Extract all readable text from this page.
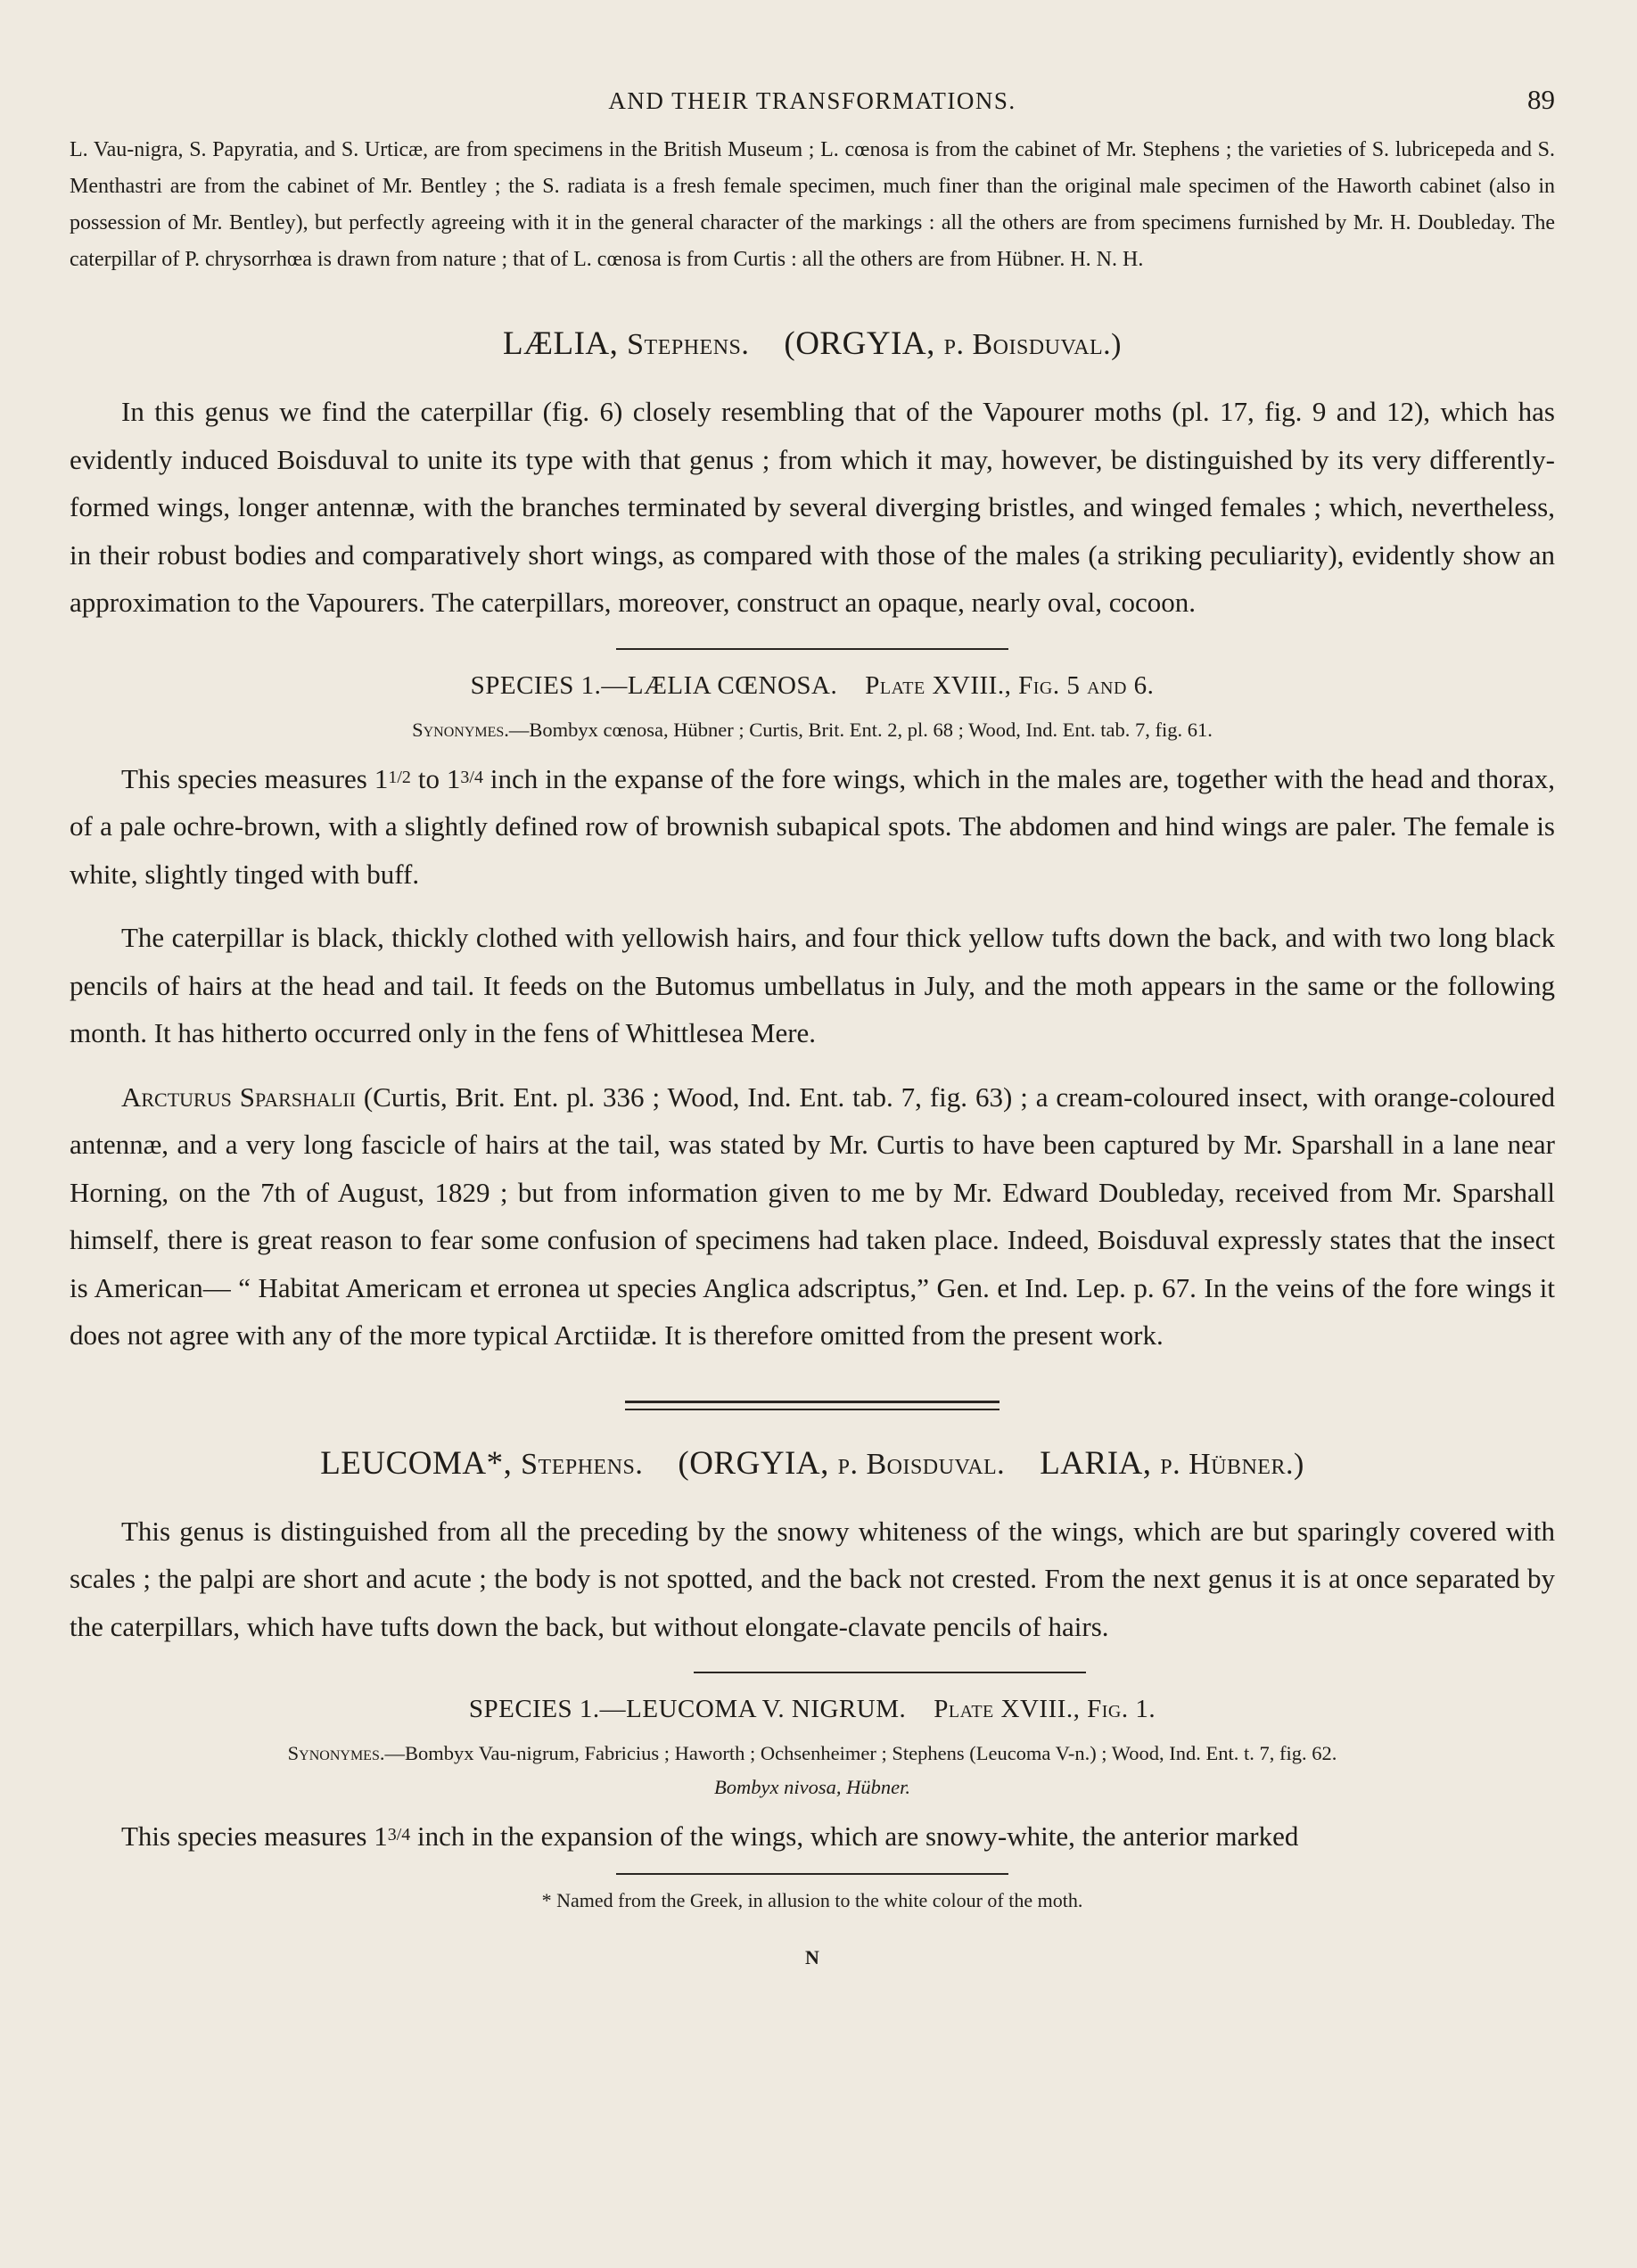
AND THEIR TRANSFORMATIONS.	89

L. Vau-nigra, S. Papyratia, and S. Urticæ, are from specimens in the British Museum ; L. cœnosa is from the cabinet of Mr. Stephens ; the varieties of S. lubricepeda and S. Menthastri are from the cabinet of Mr. Bentley ; the S. radiata is a fresh female specimen, much finer than the original male specimen of the Haworth cabinet (also in possession of Mr. Bentley), but perfectly agreeing with it in the general character of the markings : all the others are from specimens furnished by Mr. H. Doubleday. The caterpillar of P. chrysorrhœa is drawn from nature ; that of L. cœnosa is from Curtis : all the others are from Hübner. H. N. H.

LÆLIA, Stephens. (ORGYIA, p. Boisduval.)

In this genus we find the caterpillar (fig. 6) closely resembling that of the Vapourer moths (pl. 17, fig. 9 and 12), which has evidently induced Boisduval to unite its type with that genus ; from which it may, however, be distinguished by its very differently-formed wings, longer antennæ, with the branches terminated by several diverging bristles, and winged females ; which, nevertheless, in their robust bodies and comparatively short wings, as compared with those of the males (a striking peculiarity), evidently show an approximation to the Vapourers. The caterpillars, moreover, construct an opaque, nearly oval, cocoon.

SPECIES 1.—LÆLIA CŒNOSA. Plate XVIII., Fig. 5 and 6.
Synonymes.—Bombyx cœnosa, Hübner ; Curtis, Brit. Ent. 2, pl. 68 ; Wood, Ind. Ent. tab. 7, fig. 61.

This species measures 11/2 to 13/4 inch in the expanse of the fore wings, which in the males are, together with the head and thorax, of a pale ochre-brown, with a slightly defined row of brownish subapical spots. The abdomen and hind wings are paler. The female is white, slightly tinged with buff.

The caterpillar is black, thickly clothed with yellowish hairs, and four thick yellow tufts down the back, and with two long black pencils of hairs at the head and tail. It feeds on the Butomus umbellatus in July, and the moth appears in the same or the following month. It has hitherto occurred only in the fens of Whittlesea Mere.

Arcturus Sparshalii (Curtis, Brit. Ent. pl. 336 ; Wood, Ind. Ent. tab. 7, fig. 63) ; a cream-coloured insect, with orange-coloured antennæ, and a very long fascicle of hairs at the tail, was stated by Mr. Curtis to have been captured by Mr. Sparshall in a lane near Horning, on the 7th of August, 1829 ; but from information given to me by Mr. Edward Doubleday, received from Mr. Sparshall himself, there is great reason to fear some confusion of specimens had taken place. Indeed, Boisduval expressly states that the insect is American— “ Habitat Americam et erronea ut species Anglica adscriptus,” Gen. et Ind. Lep. p. 67. In the veins of the fore wings it does not agree with any of the more typical Arctiidæ. It is therefore omitted from the present work.

LEUCOMA*, Stephens. (ORGYIA, p. Boisduval. LARIA, p. Hübner.)

This genus is distinguished from all the preceding by the snowy whiteness of the wings, which are but sparingly covered with scales ; the palpi are short and acute ; the body is not spotted, and the back not crested. From the next genus it is at once separated by the caterpillars, which have tufts down the back, but without elongate-clavate pencils of hairs.

SPECIES 1.—LEUCOMA V. NIGRUM. Plate XVIII., Fig. 1.
Synonymes.—Bombyx Vau-nigrum, Fabricius ; Haworth ; Ochsenheimer ; Stephens (Leucoma V-n.) ; Wood, Ind. Ent. t. 7, fig. 62.
Bombyx nivosa, Hübner.

This species measures 13/4 inch in the expansion of the wings, which are snowy-white, the anterior marked

* Named from the Greek, in allusion to the white colour of the moth.
N
